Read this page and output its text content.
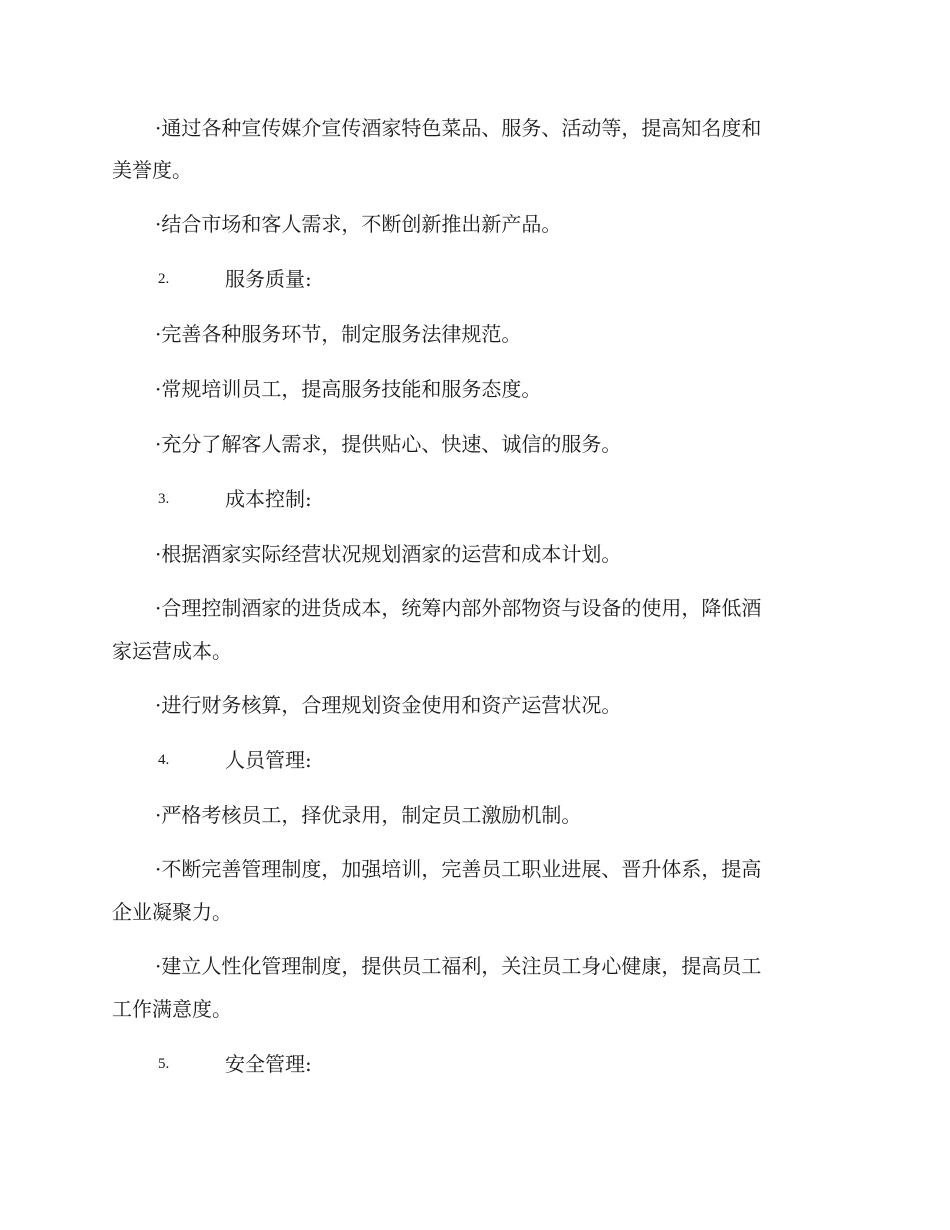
·通过各种宣传媒介宣传酒家特色菜品、服务、活动等，提高知名度和
美誉度。
·结合市场和客人需求，不断创新推出新产品。
2.	服务质量:
·完善各种服务环节，制定服务法律规范。
·常规培训员工，提高服务技能和服务态度。
·充分了解客人需求，提供贴心、快速、诚信的服务。
3.	成本控制:
·根据酒家实际经营状况规划酒家的运营和成本计划。
·合理控制酒家的进货成本，统筹内部外部物资与设备的使用，降低酒
家运营成本。
·进行财务核算，合理规划资金使用和资产运营状况。
4.	人员管理:
·严格考核员工，择优录用，制定员工激励机制。
·不断完善管理制度，加强培训，完善员工职业进展、晋升体系，提高
企业凝聚力。
·建立人性化管理制度，提供员工福利，关注员工身心健康，提高员工
工作满意度。
5.	安全管理:
